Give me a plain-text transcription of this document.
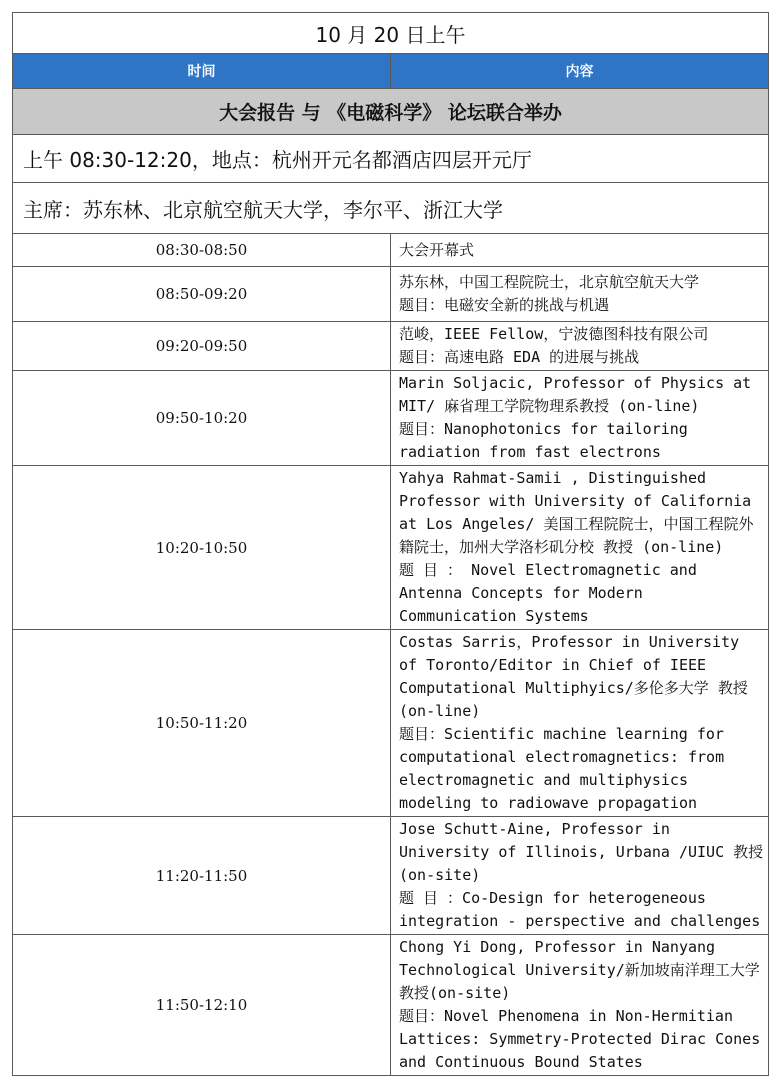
10 月 20 日上午	
时间	内容
大会报告 与 《电磁科学》 论坛联合举办	
上午 08:30-12:20，地点：杭州开元名都酒店四层开元厅	
主席：苏东林、北京航空航天大学，李尔平、浙江大学	
08:30-08:50	大会开幕式

08:50-09:20	苏东林，中国工程院院士，北京航空航天大学
题目：电磁安全新的挑战与机遇

09:20-09:50	范峻，IEEE Fellow，宁波德图科技有限公司
题目：高速电路 EDA 的进展与挑战

09:50-10:20	Marin Soljacic, Professor of Physics at MIT/ 麻省理工学院物理系教授 (on-line)
题目：Nanophotonics for tailoring radiation from fast electrons

10:20-10:50	Yahya Rahmat-Samii , Distinguished Professor with University of California at Los Angeles/ 美国工程院院士，中国工程院外籍院士，加州大学洛杉矶分校 教授 (on-line)
题 目 ： Novel Electromagnetic and Antenna Concepts for Modern Communication Systems

10:50-11:20	Costas Sarris，Professor in University of Toronto/Editor in Chief of IEEE Computational Multiphyics/多伦多大学 教授 (on-line)
题目：Scientific machine learning for computational electromagnetics: from electromagnetic and multiphysics modeling to radiowave propagation

11:20-11:50	Jose Schutt-Aine, Professor in University of Illinois, Urbana /UIUC 教授 (on-site)
题 目 ：Co-Design for heterogeneous integration - perspective and challenges

11:50-12:10	Chong Yi Dong, Professor in Nanyang Technological University/新加坡南洋理工大学教授(on-site)
题目：Novel Phenomena in Non-Hermitian Lattices: Symmetry-Protected Dirac Cones and Continuous Bound States
